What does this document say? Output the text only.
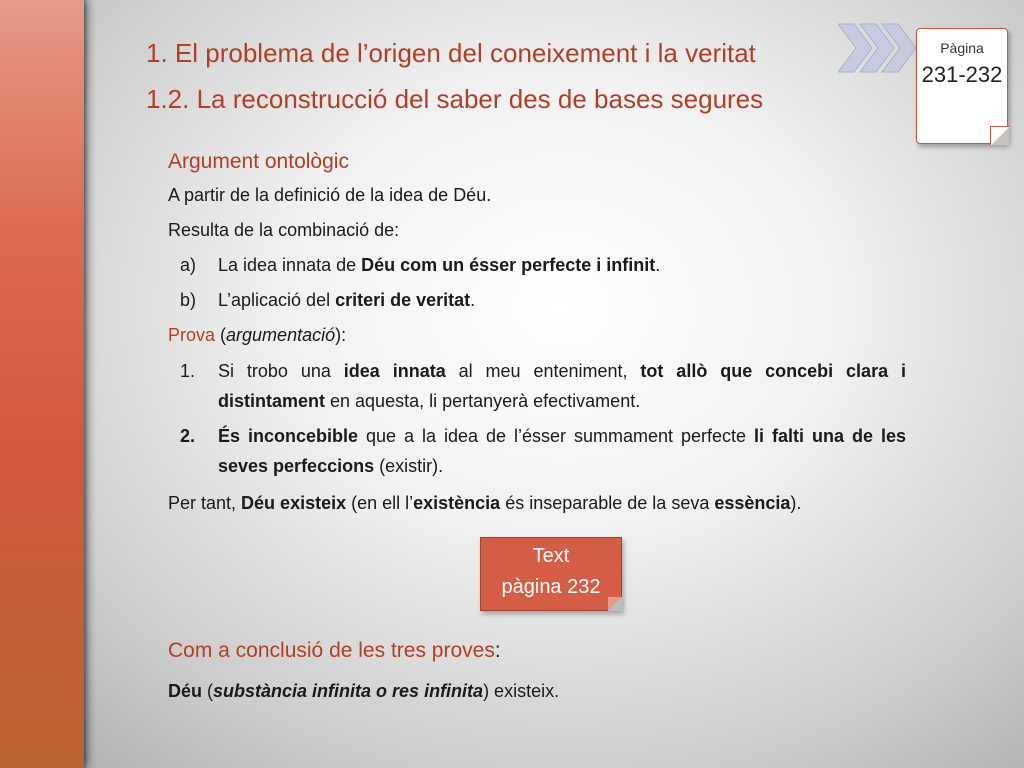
1. El problema de l’origen del coneixement i la veritat
1.2. La reconstrucció del saber des de bases segures
Pàgina
231-232

Argument ontològic

A partir de la definició de la idea de Déu.

Resulta de la combinació de:

a)	La idea innata de Déu com un ésser perfecte i infinit.
b)	L’aplicació del criteri de veritat.

Prova (argumentació):

1.	Si trobo una idea innata al meu enteniment, tot allò que concebi clara i distintament en aquesta, li pertanyerà efectivament.
2.	És inconcebible que a la idea de l’ésser summament perfecte li falti una de les seves perfeccions (existir).

Per tant, Déu existeix (en ell l’existència és inseparable de la seva essència).

Text
pàgina 232
Com a conclusió de les tres proves:
Déu (substància infinita o res infinita) existeix.
